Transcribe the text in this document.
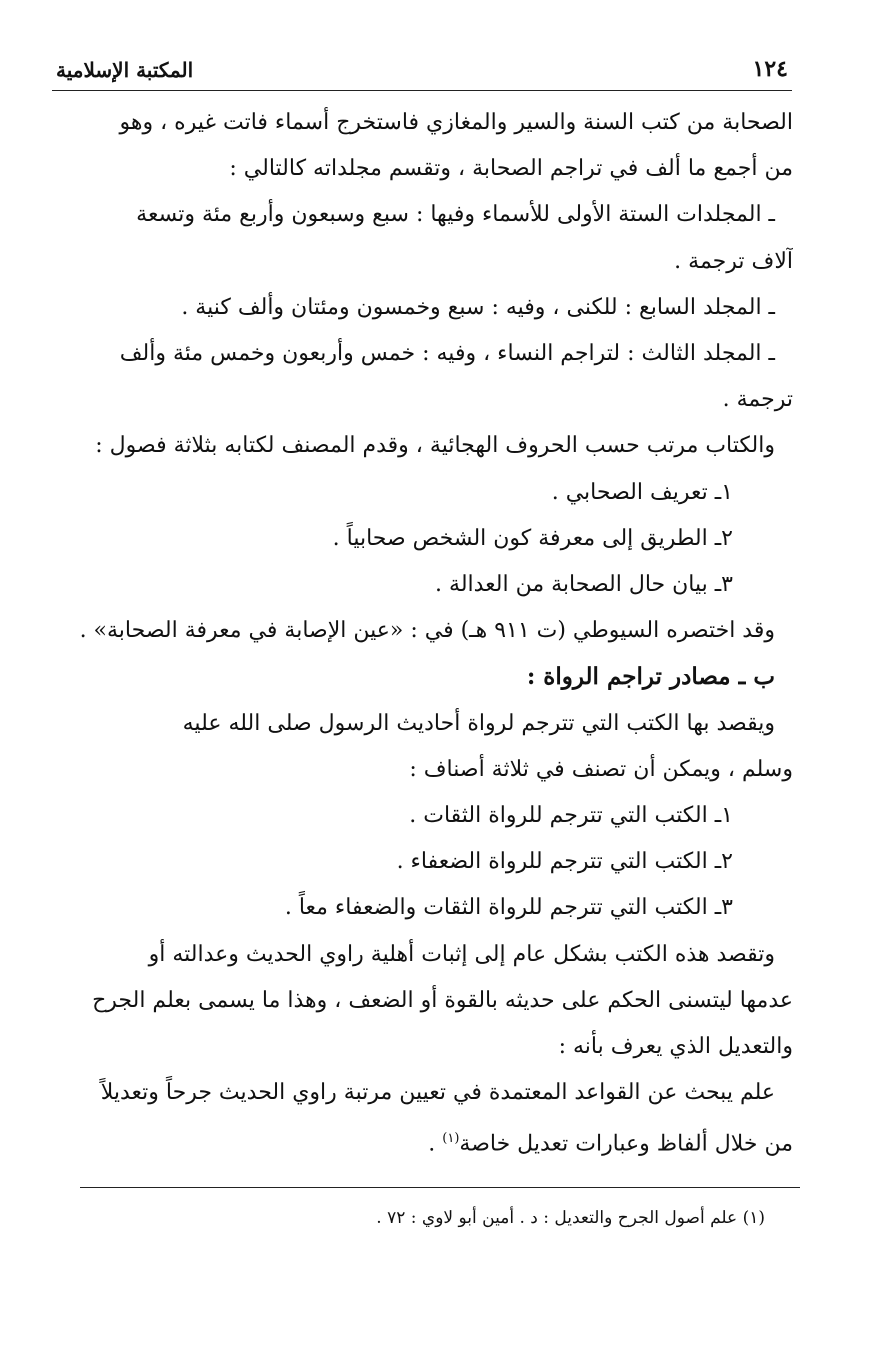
١٢٤
المكتبة الإسلامية
الصحابة من كتب السنة والسير والمغازي فاستخرج أسماء فاتت غيره ، وهو
من أجمع ما ألف في تراجم الصحابة ، وتقسم مجلداته كالتالي :
ـ المجلدات الستة الأولى للأسماء وفيها : سبع وسبعون وأربع مئة وتسعة
آلاف ترجمة .
ـ المجلد السابع : للكنى ، وفيه : سبع وخمسون ومئتان وألف كنية .
ـ المجلد الثالث : لتراجم النساء ، وفيه : خمس وأربعون وخمس مئة وألف
ترجمة .
والكتاب مرتب حسب الحروف الهجائية ، وقدم المصنف لكتابه بثلاثة فصول :
١ـ تعريف الصحابي .
٢ـ الطريق إلى معرفة كون الشخص صحابياً .
٣ـ بيان حال الصحابة من العدالة .
وقد اختصره السيوطي (ت ٩١١ هـ) في : «عين الإصابة في معرفة الصحابة» .
ب ـ مصادر تراجم الرواة :
ويقصد بها الكتب التي تترجم لرواة أحاديث الرسول صلى الله عليه
وسلم ، ويمكن أن تصنف في ثلاثة أصناف :
١ـ الكتب التي تترجم للرواة الثقات .
٢ـ الكتب التي تترجم للرواة الضعفاء .
٣ـ الكتب التي تترجم للرواة الثقات والضعفاء معاً .
وتقصد هذه الكتب بشكل عام إلى إثبات أهلية راوي الحديث وعدالته أو
عدمها ليتسنى الحكم على حديثه بالقوة أو الضعف ، وهذا ما يسمى بعلم الجرح
والتعديل الذي يعرف بأنه :
علم يبحث عن القواعد المعتمدة في تعيين مرتبة راوي الحديث جرحاً وتعديلاً
من خلال ألفاظ وعبارات تعديل خاصة$^{(١)}$ .
(١) علم أصول الجرح والتعديل : د . أمين أبو لاوي : ٧٢ .
